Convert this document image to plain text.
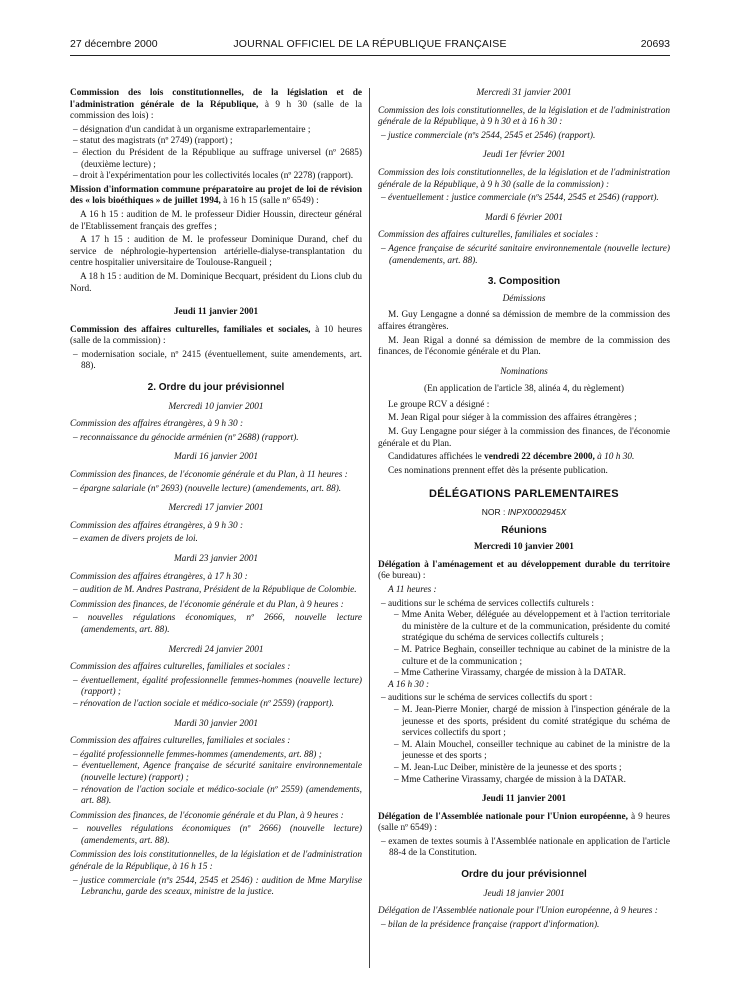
27 décembre 2000	JOURNAL OFFICIEL DE LA RÉPUBLIQUE FRANÇAISE	20693

Commission des lois constitutionnelles, de la législation et de l'administration générale de la République, à 9 h 30 (salle de la commission des lois) :

– désignation d'un candidat à un organisme extraparlementaire ;

– statut des magistrats (nº 2749) (rapport) ;

– élection du Président de la République au suffrage universel (nº 2685) (deuxième lecture) ;

– droit à l'expérimentation pour les collectivités locales (nº 2278) (rapport).

Mission d'information commune préparatoire au projet de loi de révision des « lois bioéthiques » de juillet 1994, à 16 h 15 (salle nº 6549) :

A 16 h 15 : audition de M. le professeur Didier Houssin, directeur général de l'Etablissement français des greffes ;

A 17 h 15 : audition de M. le professeur Dominique Durand, chef du service de néphrologie-hypertension artérielle-dialyse-transplantation du centre hospitalier universitaire de Toulouse-Rangueil ;

A 18 h 15 : audition de M. Dominique Becquart, président du Lions club du Nord.

Jeudi 11 janvier 2001

Commission des affaires culturelles, familiales et sociales, à 10 heures (salle de la commission) :

– modernisation sociale, nº 2415 (éventuellement, suite amendements, art. 88).

2. Ordre du jour prévisionnel
Mercredi 10 janvier 2001

Commission des affaires étrangères, à 9 h 30 :

– reconnaissance du génocide arménien (nº 2688) (rapport).

Mardi 16 janvier 2001

Commission des finances, de l'économie générale et du Plan, à 11 heures :

– épargne salariale (nº 2693) (nouvelle lecture) (amendements, art. 88).

Mercredi 17 janvier 2001

Commission des affaires étrangères, à 9 h 30 :

– examen de divers projets de loi.

Mardi 23 janvier 2001

Commission des affaires étrangères, à 17 h 30 :

– audition de M. Andres Pastrana, Président de la République de Colombie.

Commission des finances, de l'économie générale et du Plan, à 9 heures :

– nouvelles régulations économiques, nº 2666, nouvelle lecture (amendements, art. 88).

Mercredi 24 janvier 2001

Commission des affaires culturelles, familiales et sociales :

– éventuellement, égalité professionnelle femmes-hommes (nouvelle lecture) (rapport) ;

– rénovation de l'action sociale et médico-sociale (nº 2559) (rapport).

Mardi 30 janvier 2001

Commission des affaires culturelles, familiales et sociales :

– égalité professionnelle femmes-hommes (amendements, art. 88) ;

– éventuellement, Agence française de sécurité sanitaire environnementale (nouvelle lecture) (rapport) ;

– rénovation de l'action sociale et médico-sociale (nº 2559) (amendements, art. 88).

Commission des finances, de l'économie générale et du Plan, à 9 heures :

– nouvelles régulations économiques (nº 2666) (nouvelle lecture) (amendements, art. 88).

Commission des lois constitutionnelles, de la législation et de l'administration générale de la République, à 16 h 15 :

– justice commerciale (nºs 2544, 2545 et 2546) : audition de Mme Marylise Lebranchu, garde des sceaux, ministre de la justice.

Mercredi 31 janvier 2001

Commission des lois constitutionnelles, de la législation et de l'administration générale de la République, à 9 h 30 et à 16 h 30 :

– justice commerciale (nºs 2544, 2545 et 2546) (rapport).

Jeudi 1er février 2001

Commission des lois constitutionnelles, de la législation et de l'administration générale de la République, à 9 h 30 (salle de la commission) :

– éventuellement : justice commerciale (nºs 2544, 2545 et 2546) (rapport).

Mardi 6 février 2001

Commission des affaires culturelles, familiales et sociales :

– Agence française de sécurité sanitaire environnementale (nouvelle lecture) (amendements, art. 88).

3. Composition
Démissions

M. Guy Lengagne a donné sa démission de membre de la commission des affaires étrangères.

M. Jean Rigal a donné sa démission de membre de la commission des finances, de l'économie générale et du Plan.

Nominations
(En application de l'article 38, alinéa 4, du règlement)

Le groupe RCV a désigné :

M. Jean Rigal pour siéger à la commission des affaires étrangères ;

M. Guy Lengagne pour siéger à la commission des finances, de l'économie générale et du Plan.

Candidatures affichées le vendredi 22 décembre 2000, à 10 h 30.

Ces nominations prennent effet dès la présente publication.

DÉLÉGATIONS PARLEMENTAIRES
NOR : INPX0002945X
Réunions
Mercredi 10 janvier 2001

Délégation à l'aménagement et au développement durable du territoire (6e bureau) :

A 11 heures :

– auditions sur le schéma de services collectifs culturels :

– Mme Anita Weber, déléguée au développement et à l'action territoriale du ministère de la culture et de la communication, présidente du comité stratégique du schéma de services collectifs culturels ;

– M. Patrice Beghain, conseiller technique au cabinet de la ministre de la culture et de la communication ;

– Mme Catherine Virassamy, chargée de mission à la DATAR.

A 16 h 30 :

– auditions sur le schéma de services collectifs du sport :

– M. Jean-Pierre Monier, chargé de mission à l'inspection générale de la jeunesse et des sports, président du comité stratégique du schéma de services collectifs du sport ;

– M. Alain Mouchel, conseiller technique au cabinet de la ministre de la jeunesse et des sports ;

– M. Jean-Luc Deiber, ministère de la jeunesse et des sports ;

– Mme Catherine Virassamy, chargée de mission à la DATAR.

Jeudi 11 janvier 2001

Délégation de l'Assemblée nationale pour l'Union européenne, à 9 heures (salle nº 6549) :

– examen de textes soumis à l'Assemblée nationale en application de l'article 88-4 de la Constitution.

Ordre du jour prévisionnel
Jeudi 18 janvier 2001

Délégation de l'Assemblée nationale pour l'Union européenne, à 9 heures :

– bilan de la présidence française (rapport d'information).
